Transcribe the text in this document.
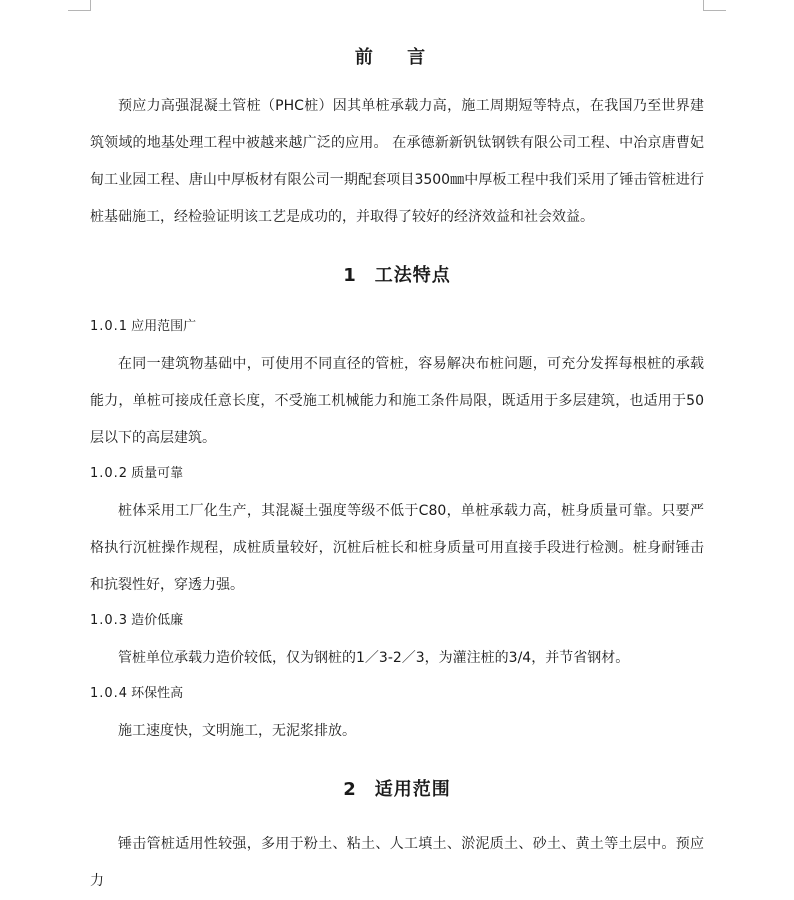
前 言

预应力高强混凝土管桩（PHC桩）因其单桩承载力高，施工周期短等特点，在我国乃至世界建筑领域的地基处理工程中被越来越广泛的应用。 在承德新新钒钛钢铁有限公司工程、中冶京唐曹妃甸工业园工程、唐山中厚板材有限公司一期配套项目3500㎜中厚板工程中我们采用了锤击管桩进行桩基础施工，经检验证明该工艺是成功的，并取得了较好的经济效益和社会效益。

1 工法特点
1.0.1 应用范围广

在同一建筑物基础中，可使用不同直径的管桩，容易解决布桩问题，可充分发挥每根桩的承载能力，单桩可接成任意长度，不受施工机械能力和施工条件局限，既适用于多层建筑，也适用于50层以下的高层建筑。

1.0.2 质量可靠

桩体采用工厂化生产，其混凝土强度等级不低于C80，单桩承载力高，桩身质量可靠。只要严格执行沉桩操作规程，成桩质量较好，沉桩后桩长和桩身质量可用直接手段进行检测。桩身耐锤击和抗裂性好，穿透力强。

1.0.3 造价低廉

管桩单位承载力造价较低，仅为钢桩的1／3-2／3，为灌注桩的3/4，并节省钢材。

1.0.4 环保性高

施工速度快，文明施工，无泥浆排放。

2 适用范围

锤击管桩适用性较强，多用于粉土、粘土、人工填土、淤泥质土、砂土、黄土等土层中。预应力
